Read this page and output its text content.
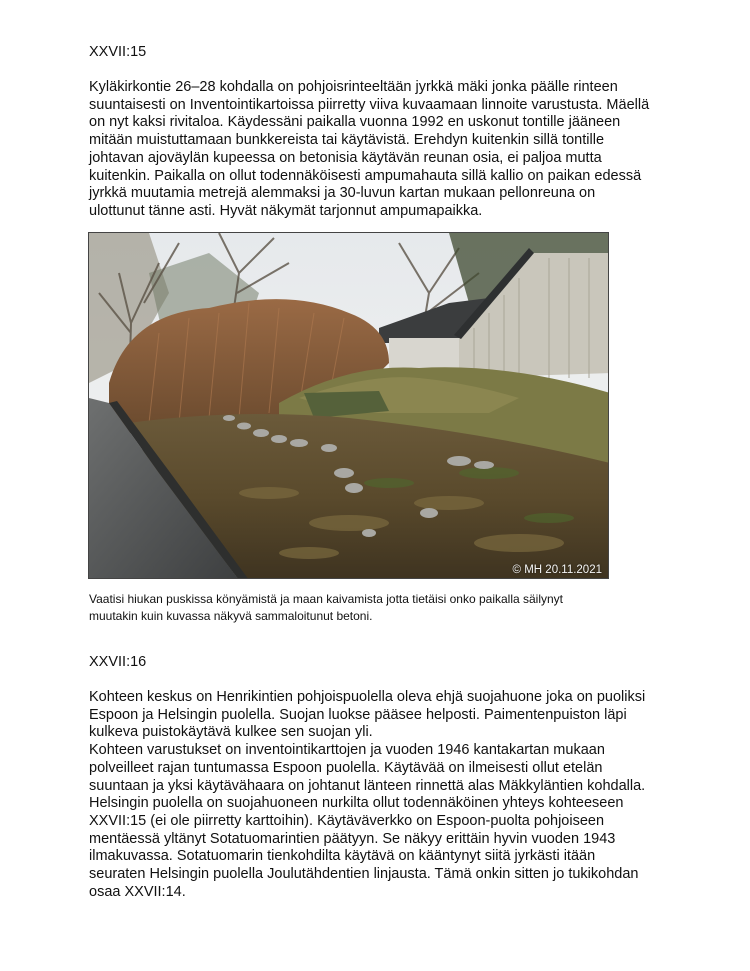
XXVII:15
Kyläkirkontie 26–28 kohdalla on pohjoisrinteeltään jyrkkä mäki jonka päälle rinteen
suuntaisesti on Inventointikartoissa piirretty viiva kuvaamaan linnoite varustusta. Mäellä
on nyt kaksi rivitaloa. Käydessäni paikalla vuonna 1992 en uskonut tontille jääneen
mitään muistuttamaan bunkkereista tai käytävistä. Erehdyn kuitenkin sillä tontille
johtavan ajoväylän kupeessa on betonisia käytävän reunan osia, ei paljoa mutta
kuitenkin. Paikalla on ollut todennäköisesti ampumahauta sillä kallio on paikan edessä
jyrkkä muutamia metrejä alemmaksi ja 30-luvun kartan mukaan pellonreuna on
ulottunut tänne asti. Hyvät näkymät tarjonnut ampumapaikka.
© MH 20.11.2021
Vaatisi hiukan puskissa könyämistä ja maan kaivamista jotta tietäisi onko paikalla säilynyt
muutakin kuin kuvassa näkyvä sammaloitunut betoni.
XXVII:16
Kohteen keskus on Henrikintien pohjoispuolella oleva ehjä suojahuone joka on puoliksi
Espoon ja Helsingin puolella. Suojan luokse pääsee helposti. Paimentenpuiston läpi
kulkeva puistokäytävä kulkee sen suojan yli.
Kohteen varustukset on inventointikarttojen ja vuoden 1946 kantakartan mukaan
polveilleet rajan tuntumassa Espoon puolella. Käytävää on ilmeisesti ollut etelän
suuntaan ja yksi käytävähaara on johtanut länteen rinnettä alas Mäkkyläntien kohdalla.
Helsingin puolella on suojahuoneen nurkilta ollut todennäköinen yhteys kohteeseen
XXVII:15 (ei ole piirretty karttoihin). Käytäväverkko on Espoon-puolta pohjoiseen
mentäessä yltänyt Sotatuomarintien päätyyn. Se näkyy erittäin hyvin vuoden 1943
ilmakuvassa. Sotatuomarin tienkohdilta käytävä on kääntynyt siitä jyrkästi itään
seuraten Helsingin puolella Joulutähdentien linjausta. Tämä onkin sitten jo tukikohdan
osaa XXVII:14.
